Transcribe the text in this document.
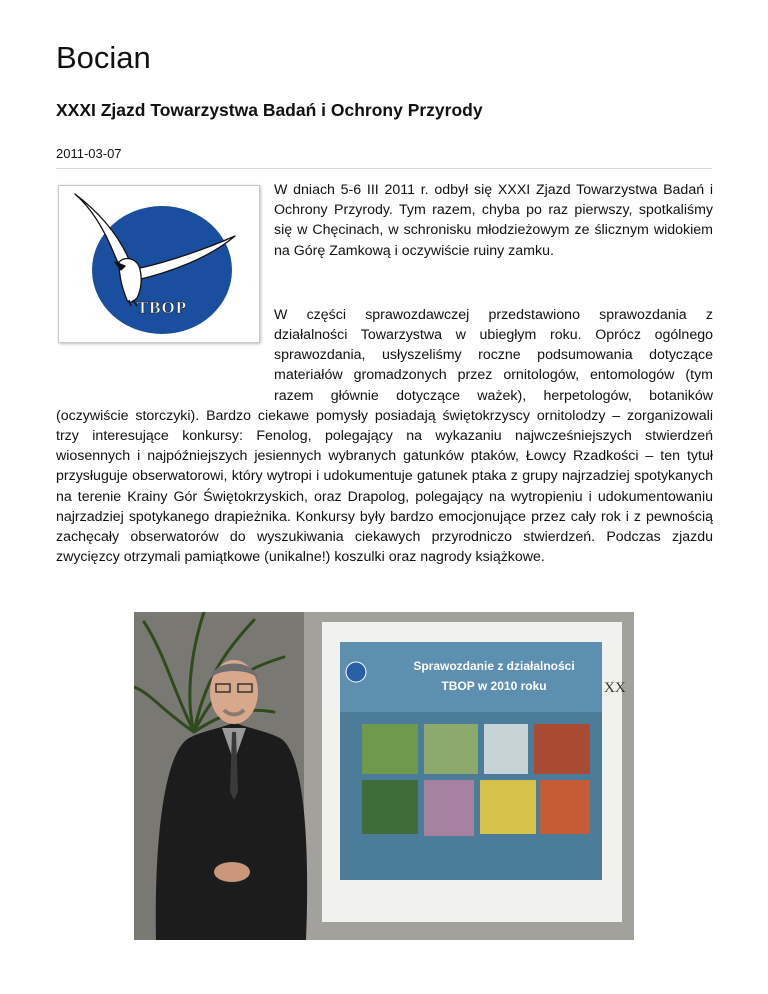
Bocian
XXXI Zjazd Towarzystwa Badań i Ochrony Przyrody
2011-03-07
TBOP

W dniach 5-6 III 2011 r. odbył się XXXI Zjazd Towarzystwa Badań i Ochrony Przyrody. Tym razem, chyba po raz pierwszy, spotkaliśmy się w Chęcinach, w schronisku młodzieżowym ze ślicznym widokiem na Górę Zamkową i oczywiście ruiny zamku.

W części sprawozdawczej przedstawiono sprawozdania z działalności Towarzystwa w ubiegłym roku. Oprócz ogólnego sprawozdania, usłyszeliśmy roczne podsumowania dotyczące materiałów gromadzonych przez ornitologów, entomologów (tym razem głównie dotyczące ważek), herpetologów, botaników (oczywiście storczyki). Bardzo ciekawe pomysły posiadają świętokrzyscy ornitolodzy – zorganizowali trzy interesujące konkursy: Fenolog, polegający na wykazaniu najwcześniejszych stwierdzeń wiosennych i najpóźniejszych jesiennych wybranych gatunków ptaków, Łowcy Rzadkości – ten tytuł przysługuje obserwatorowi, który wytropi i udokumentuje gatunek ptaka z grupy najrzadziej spotykanych na terenie Krainy Gór Świętokrzyskich, oraz Drapolog, polegający na wytropieniu i udokumentowaniu najrzadziej spotykanego drapieżnika. Konkursy były bardzo emocjonujące przez cały rok i z pewnością zachęcały obserwatorów do wyszukiwania ciekawych przyrodniczo stwierdzeń. Podczas zjazdu zwycięzcy otrzymali pamiątkowe (unikalne!) koszulki oraz nagrody książkowe.

Sprawozdanie z działalności
TBOP w 2010 roku	XX
